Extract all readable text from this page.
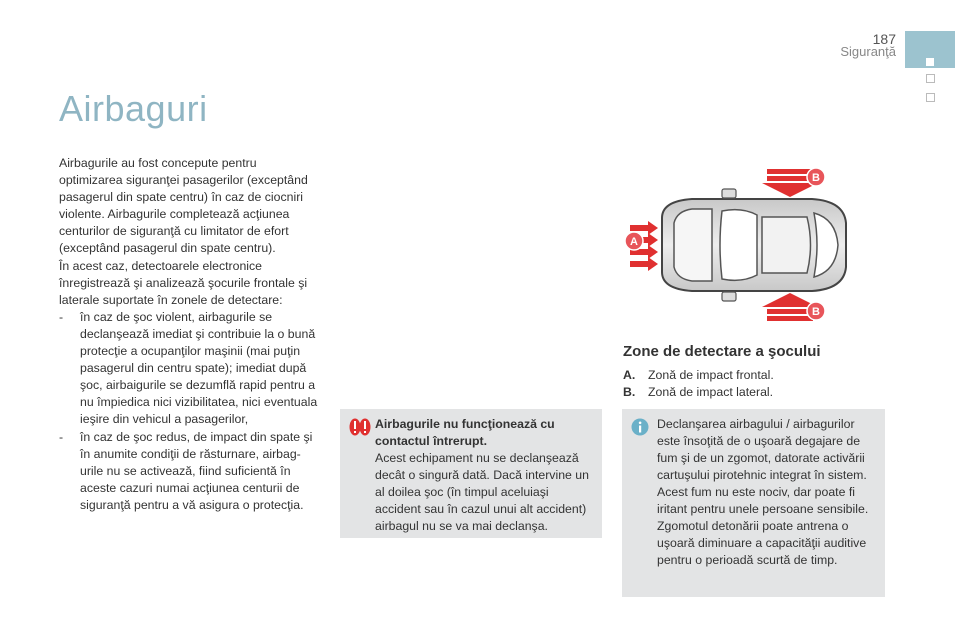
187
Siguranţă
Airbaguri

Airbagurile au fost concepute pentru optimizarea siguranţei pasagerilor (exceptând pasagerul din spate centru) în caz de ciocniri violente. Airbagurile completează acţiunea centurilor de siguranţă cu limitator de efort (exceptând pasagerul din spate centru).

În acest caz, detectoarele electronice înregistrează şi analizează şocurile frontale şi laterale suportate în zonele de detectare:

- în caz de şoc violent, airbagurile se declanşează imediat şi contribuie la o bună protecţie a ocupanţilor maşinii (mai puţin pasagerul din centru spate); imediat după şoc, airbaigurile se dezumflă rapid pentru a nu împiedica nici vizibilitatea, nici eventuala ieşire din vehicul a pasagerilor,
- în caz de şoc redus, de impact din spate şi în anumite condiţii de răsturnare, airbag-urile nu se activează, fiind suficientă în aceste cazuri numai acţiunea centurii de siguranţă pentru a vă asigura o protecţia.
A
B
B
Zone de detectare a şocului
A.	Zonă de impact frontal.
B.	Zonă de impact lateral.

Airbagurile nu funcţionează cu contactul întrerupt.

Acest echipament nu se declanşează decât o singură dată. Dacă intervine un al doilea şoc (în timpul aceluiaşi accident sau în cazul unui alt accident) airbagul nu se va mai declanşa.

Declanşarea airbagului / airbagurilor este însoţită de o uşoară degajare de fum şi de un zgomot, datorate activării cartuşului pirotehnic integrat în sistem. Acest fum nu este nociv, dar poate fi iritant pentru unele persoane sensibile. Zgomotul detonării poate antrena o uşoară diminuare a capacităţii auditive pentru o perioadă scurtă de timp.
